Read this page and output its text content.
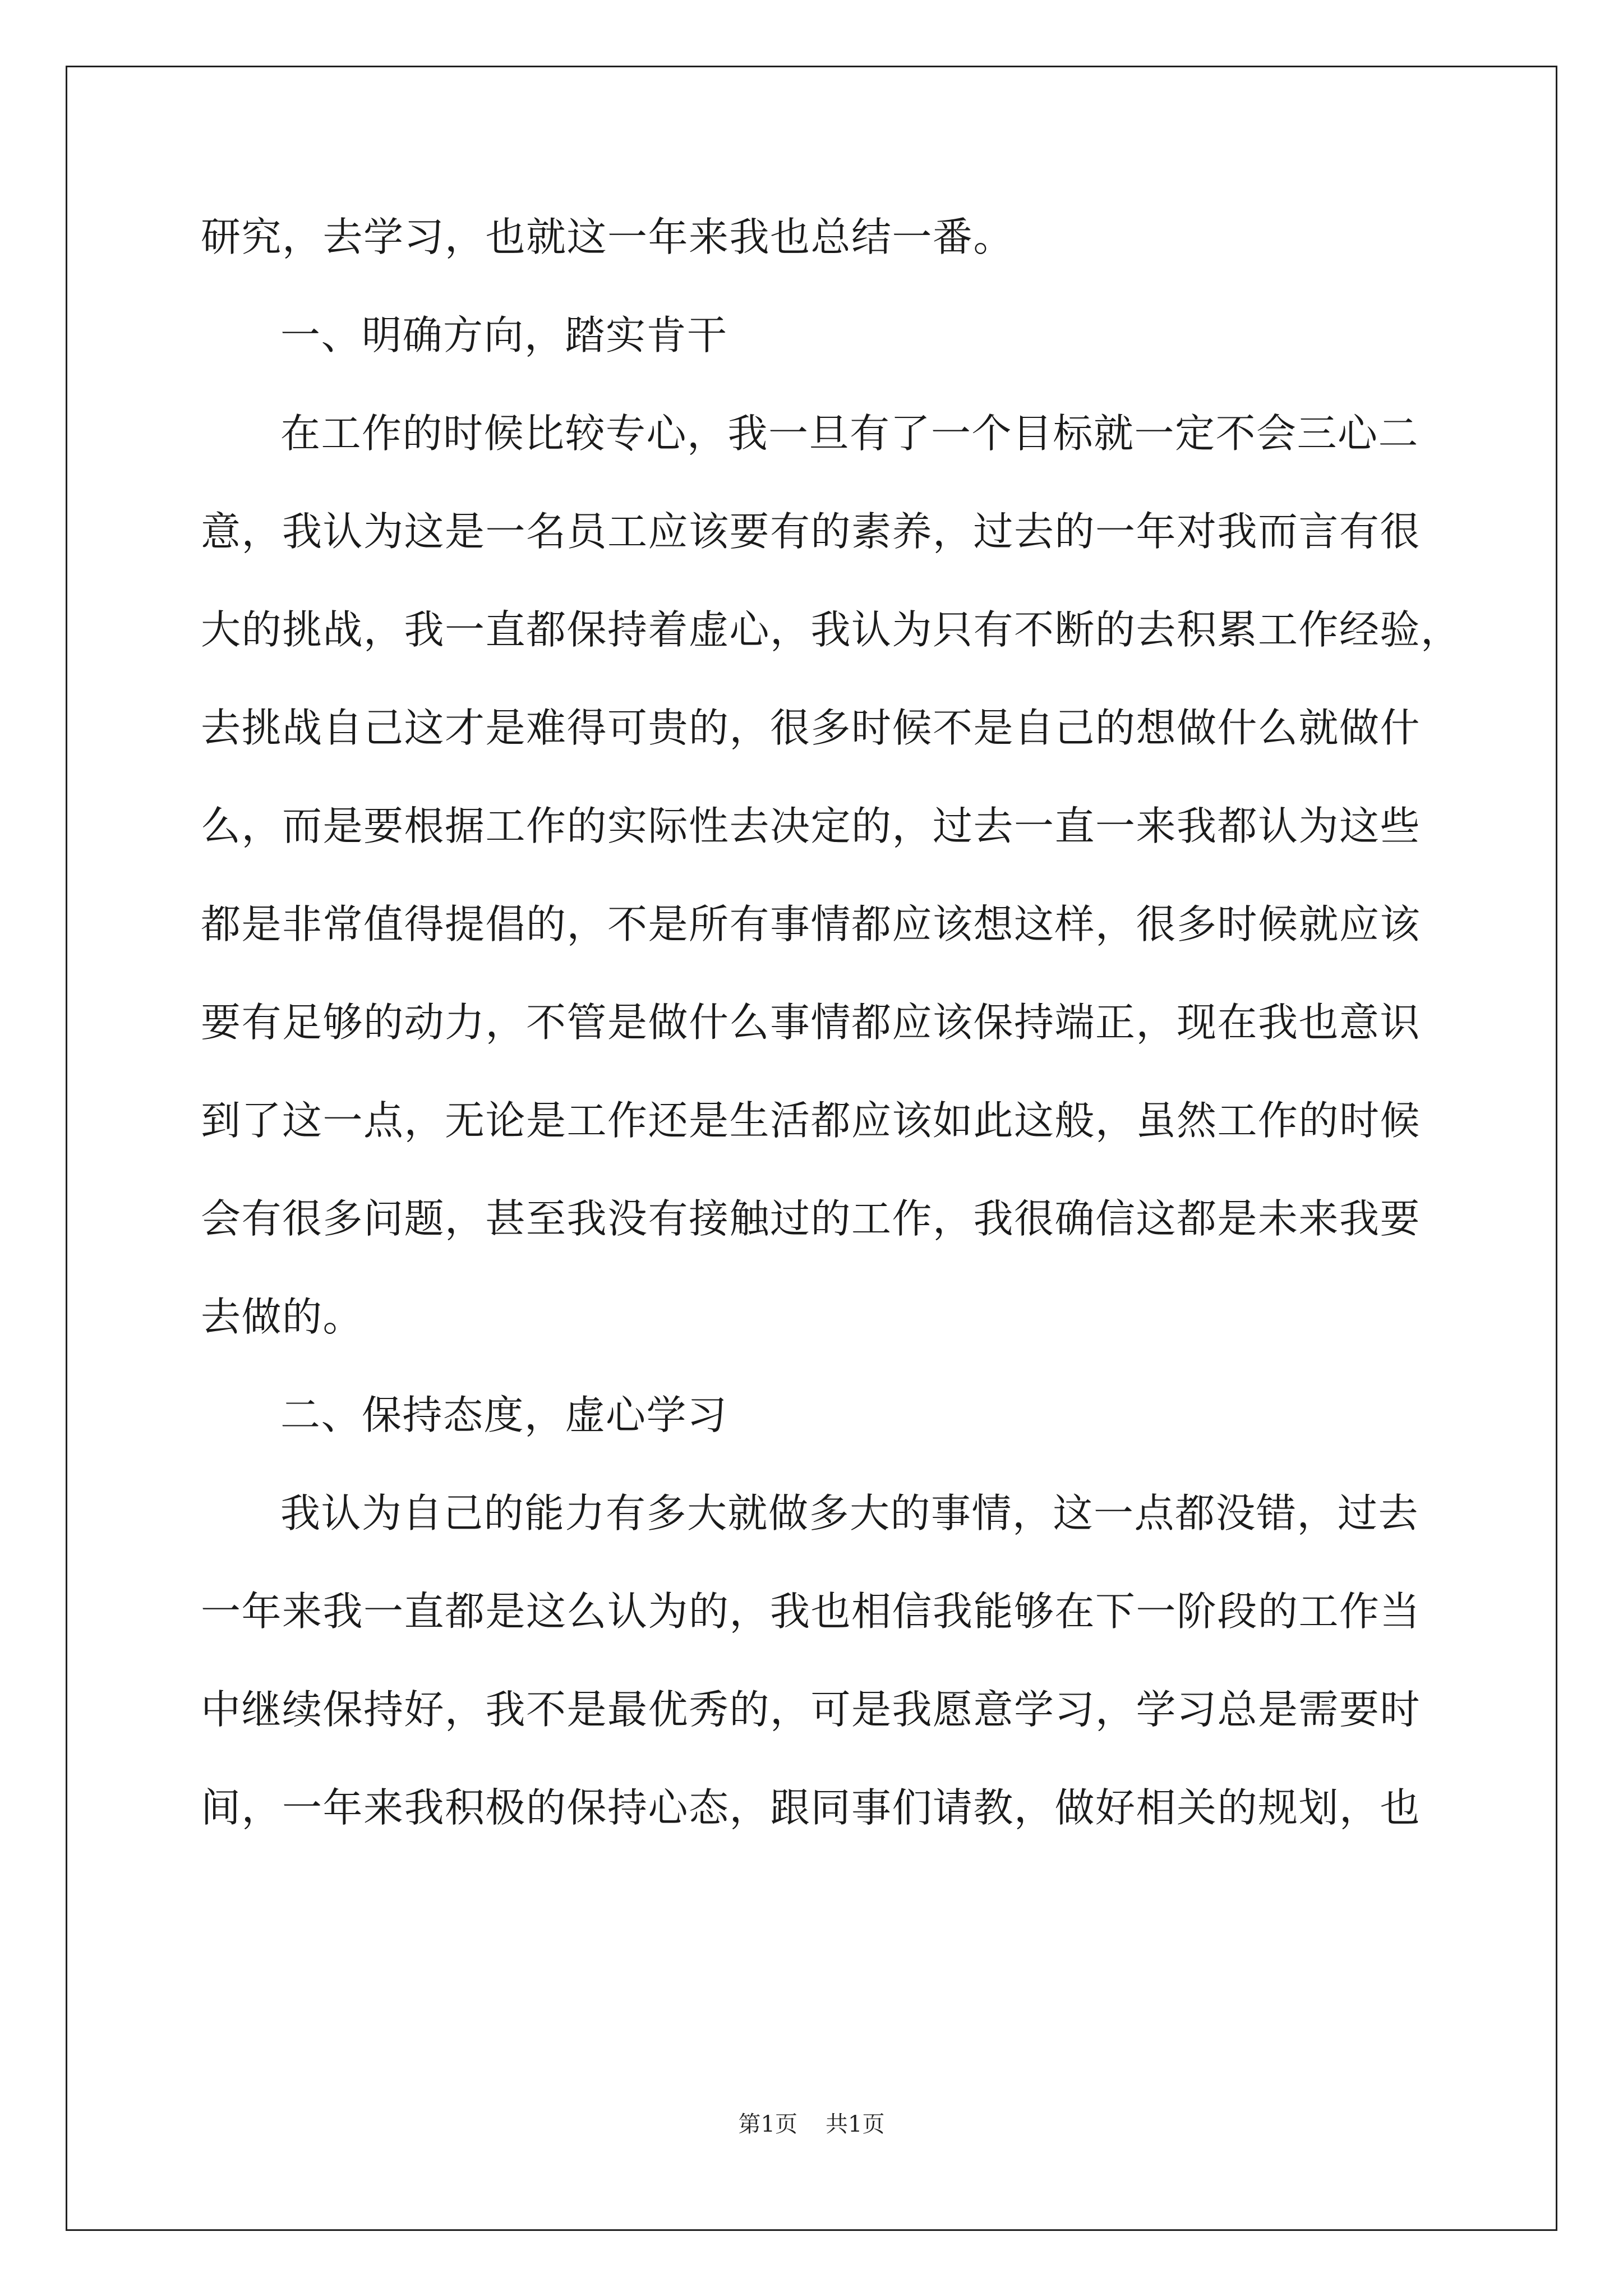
研究，去学习，也就这一年来我也总结一番。
一、明确方向，踏实肯干
在工作的时候比较专心，我一旦有了一个目标就一定不会三心二
意，我认为这是一名员工应该要有的素养，过去的一年对我而言有很
大的挑战，我一直都保持着虚心，我认为只有不断的去积累工作经验，
去挑战自己这才是难得可贵的，很多时候不是自己的想做什么就做什
么，而是要根据工作的实际性去决定的，过去一直一来我都认为这些
都是非常值得提倡的，不是所有事情都应该想这样，很多时候就应该
要有足够的动力，不管是做什么事情都应该保持端正，现在我也意识
到了这一点，无论是工作还是生活都应该如此这般，虽然工作的时候
会有很多问题，甚至我没有接触过的工作，我很确信这都是未来我要
去做的。
二、保持态度，虚心学习
我认为自己的能力有多大就做多大的事情，这一点都没错，过去
一年来我一直都是这么认为的，我也相信我能够在下一阶段的工作当
中继续保持好，我不是最优秀的，可是我愿意学习，学习总是需要时
间，一年来我积极的保持心态，跟同事们请教，做好相关的规划，也
第1页 共1页
